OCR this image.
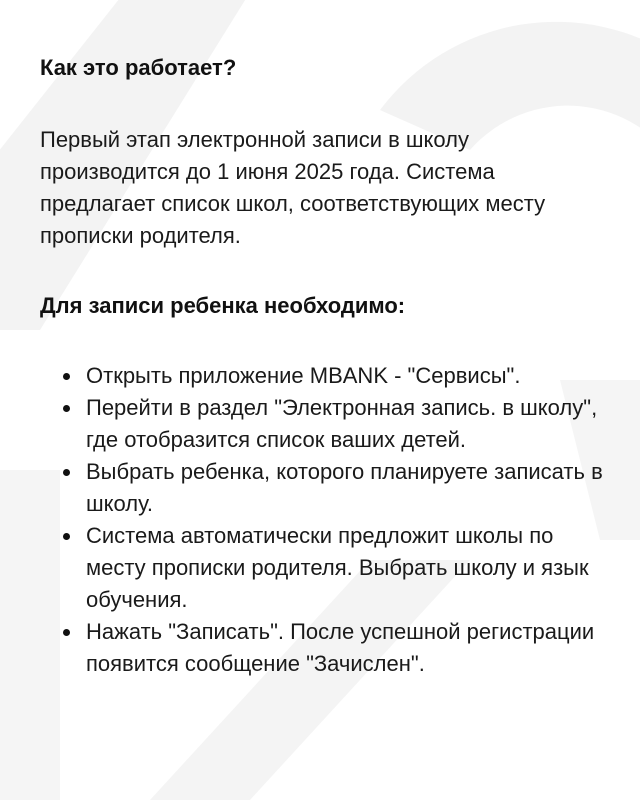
Как это работает?

Первый этап электронной записи в школу производится до 1 июня 2025 года. Система предлагает список школ, соответствующих месту прописки родителя.

Для записи ребенка необходимо:
Открыть приложение MBANK - "Сервисы".
Перейти в раздел "Электронная запись. в школу", где отобразится список ваших детей.
Выбрать ребенка, которого планируете записать в школу.
Система автоматически предложит школы по месту прописки родителя. Выбрать школу и язык обучения.
Нажать "Записать". После успешной регистрации появится сообщение "Зачислен".
